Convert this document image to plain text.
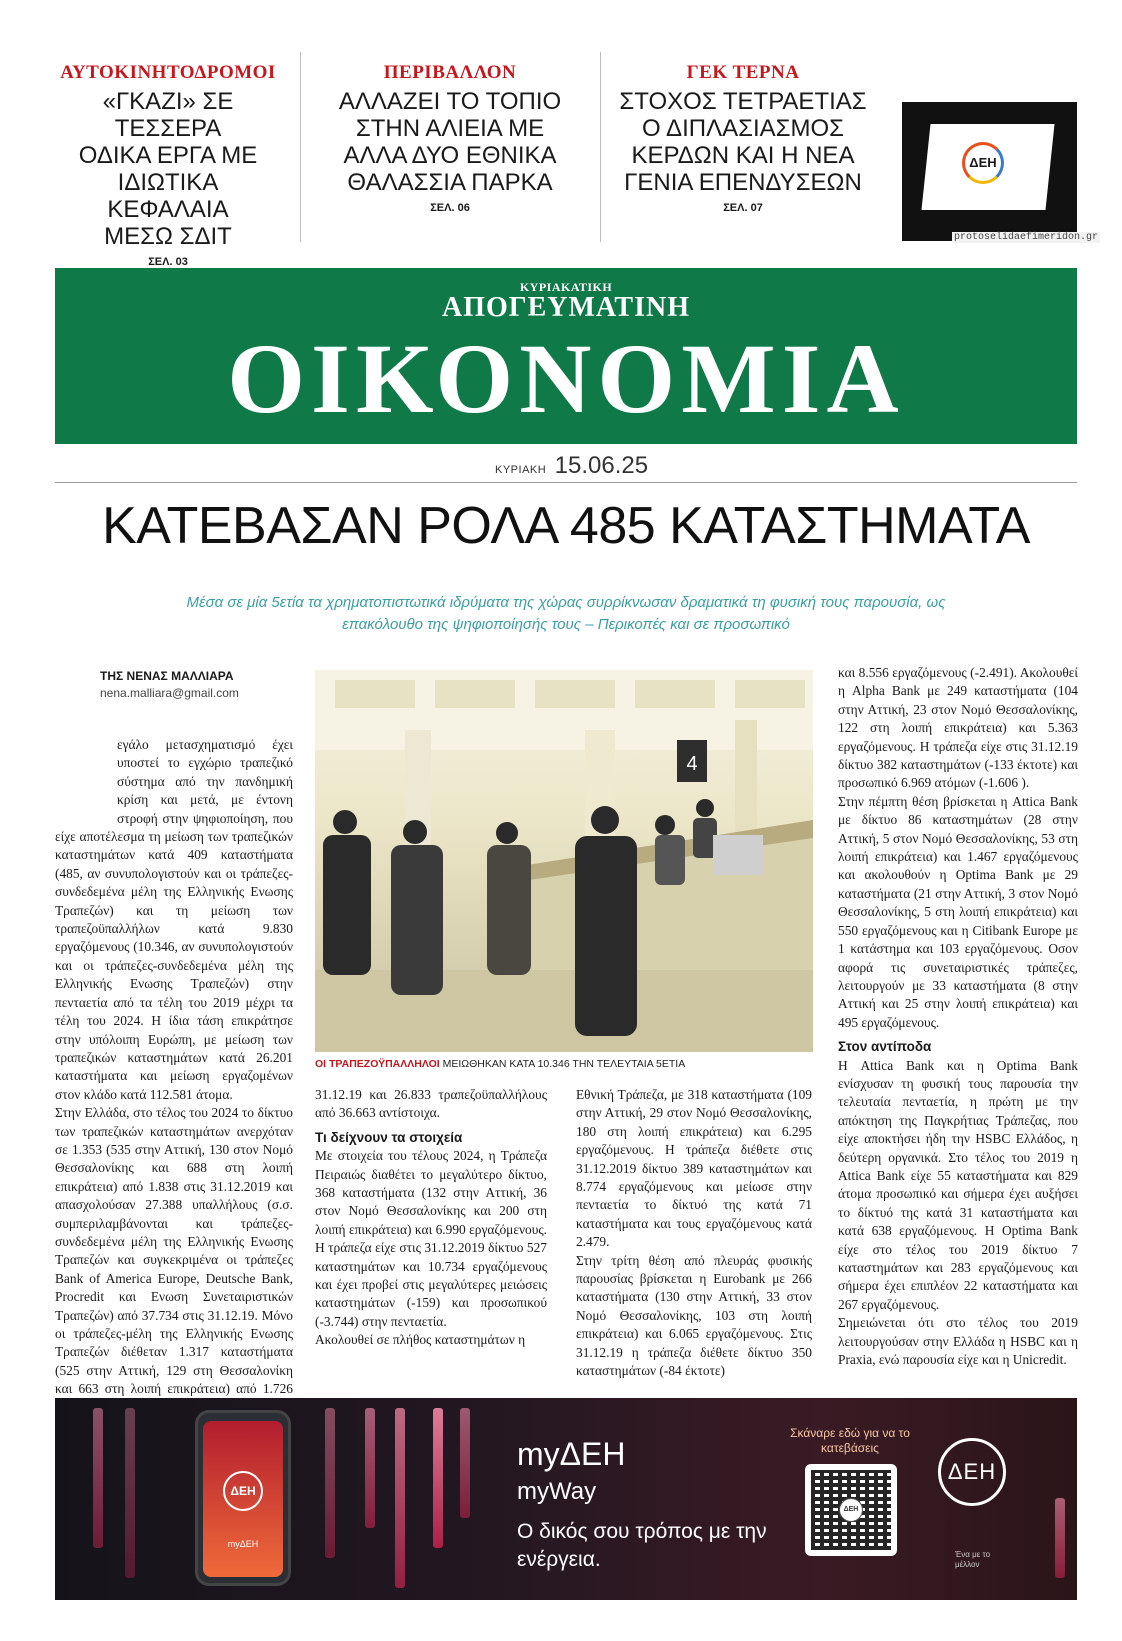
ΑΥΤΟΚΙΝΗΤΟΔΡΟΜΟΙ
«ΓΚΑΖΙ» ΣΕ ΤΕΣΣΕΡΑ
ΟΔΙΚΑ ΕΡΓΑ ΜΕ
ΙΔΙΩΤΙΚΑ ΚΕΦΑΛΑΙΑ
ΜΕΣΩ ΣΔΙΤ
ΣΕΛ. 03
ΠΕΡΙΒΑΛΛΟΝ
ΑΛΛΑΖΕΙ ΤΟ ΤΟΠΙΟ
ΣΤΗΝ ΑΛΙΕΙΑ ΜΕ
ΑΛΛΑ ΔΥΟ ΕΘΝΙΚΑ
ΘΑΛΑΣΣΙΑ ΠΑΡΚΑ
ΣΕΛ. 06
ΓΕΚ ΤΕΡΝΑ
ΣΤΟΧΟΣ ΤΕΤΡΑΕΤΙΑΣ
Ο ΔΙΠΛΑΣΙΑΣΜΟΣ
ΚΕΡΔΩΝ ΚΑΙ Η ΝΕΑ
ΓΕΝΙΑ ΕΠΕΝΔΥΣΕΩΝ
ΣΕΛ. 07
ΔΕΗ
protoselidaefimeridon.gr
ΚΥΡΙΑΚΑΤΙΚΗ
ΑΠΟΓΕΥΜΑΤΙΝΗ
ΟΙΚΟΝΟΜΙΑ
ΚΥΡΙΑΚΗ 15.06.25
ΚΑΤΕΒΑΣΑΝ ΡΟΛΑ 485 ΚΑΤΑΣΤΗΜΑΤΑ
Μέσα σε μία 5ετία τα χρηματοπιστωτικά ιδρύματα της χώρας συρρίκνωσαν δραματικά τη φυσική τους παρουσία, ως επακόλουθο της ψηφιοποίησής τους – Περικοπές και σε προσωπικό
ΤΗΣ ΝΕΝΑΣ ΜΑΛΛΙΑΡΑ
nena.malliara@gmail.com

εγάλο μετασχηματισμό έχει υποστεί το εγχώριο τραπεζικό σύστημα από την πανδημική κρίση και μετά, με έντονη στροφή στην ψηφιοποίηση, που είχε αποτέλεσμα τη μείωση των τραπεζικών καταστημάτων κατά 409 καταστήματα (485, αν συνυπολογιστούν και οι τράπεζες-συνδεδεμένα μέλη της Ελληνικής Ενωσης Τραπεζών) και τη μείωση των τραπεζοϋπαλλήλων κατά 9.830 εργαζόμενους (10.346, αν συνυπολογιστούν και οι τράπεζες-συνδεδεμένα μέλη της Ελληνικής Ενωσης Τραπεζών) στην πενταετία από τα τέλη του 2019 μέχρι τα τέλη του 2024. Η ίδια τάση επικράτησε στην υπόλοιπη Ευρώπη, με μείωση των τραπεζικών καταστημάτων κατά 26.201 καταστήματα και μείωση εργαζομένων στον κλάδο κατά 112.581 άτομα.

Στην Ελλάδα, στο τέλος του 2024 το δίκτυο των τραπεζικών καταστημάτων ανερχόταν σε 1.353 (535 στην Αττική, 130 στον Νομό Θεσσαλονίκης και 688 στη λοιπή επικράτεια) από 1.838 στις 31.12.2019 και απασχολούσαν 27.388 υπαλλήλους (σ.σ. συμπεριλαμβάνονται και τράπεζες-συνδεδεμένα μέλη της Ελληνικής Ενωσης Τραπεζών και συγκεκριμένα οι τράπεζες Bank of America Europe, Deutsche Bank, Procredit και Ενωση Συνεταιριστικών Τραπεζών) από 37.734 στις 31.12.19. Μόνο οι τράπεζες-μέλη της Ελληνικής Ενωσης Τραπεζών διέθεταν 1.317 καταστήματα (525 στην Αττική, 129 στη Θεσσαλονίκη και 663 στη λοιπή επικράτεια) από 1.726

4
ΟΙ ΤΡΑΠΕΖΟΫΠΑΛΛΗΛΟΙ ΜΕΙΩΘΗΚΑΝ ΚΑΤΑ 10.346 ΤΗΝ ΤΕΛΕΥΤΑΙΑ 5ΕΤΙΑ

31.12.19 και 26.833 τραπεζοϋπαλλήλους από 36.663 αντίστοιχα.

Τι δείχνουν τα στοιχεία

Με στοιχεία του τέλους 2024, η Τράπεζα Πειραιώς διαθέτει το μεγαλύτερο δίκτυο, 368 καταστήματα (132 στην Αττική, 36 στον Νομό Θεσσαλονίκης και 200 στη λοιπή επικράτεια) και 6.990 εργαζόμενους. Η τράπεζα είχε στις 31.12.2019 δίκτυο 527 καταστημάτων και 10.734 εργαζόμενους και έχει προβεί στις μεγαλύτερες μειώσεις καταστημάτων (-159) και προσωπικού (-3.744) στην πενταετία.

Ακολουθεί σε πλήθος καταστημάτων η

Εθνική Τράπεζα, με 318 καταστήματα (109 στην Αττική, 29 στον Νομό Θεσσαλονίκης, 180 στη λοιπή επικράτεια) και 6.295 εργαζόμενους. Η τράπεζα διέθετε στις 31.12.2019 δίκτυο 389 καταστημάτων και 8.774 εργαζόμενους και μείωσε στην πενταετία το δίκτυό της κατά 71 καταστήματα και τους εργαζόμενους κατά 2.479.

Στην τρίτη θέση από πλευράς φυσικής παρουσίας βρίσκεται η Eurobank με 266 καταστήματα (130 στην Αττική, 33 στον Νομό Θεσσαλονίκης, 103 στη λοιπή επικράτεια) και 6.065 εργαζόμενους. Στις 31.12.19 η τράπεζα διέθετε δίκτυο 350 καταστημάτων (-84 έκτοτε)

και 8.556 εργαζόμενους (-2.491). Ακολουθεί η Alpha Bank με 249 καταστήματα (104 στην Αττική, 23 στον Νομό Θεσσαλονίκης, 122 στη λοιπή επικράτεια) και 5.363 εργαζόμενους. Η τράπεζα είχε στις 31.12.19 δίκτυο 382 καταστημάτων (-133 έκτοτε) και προσωπικό 6.969 ατόμων (-1.606 ).

Στην πέμπτη θέση βρίσκεται η Attica Bank με δίκτυο 86 καταστημάτων (28 στην Αττική, 5 στον Νομό Θεσσαλονίκης, 53 στη λοιπή επικράτεια) και 1.467 εργαζόμενους και ακολουθούν η Optima Bank με 29 καταστήματα (21 στην Αττική, 3 στον Νομό Θεσσαλονίκης, 5 στη λοιπή επικράτεια) και 550 εργαζόμενους και η Citibank Europe με 1 κατάστημα και 103 εργαζόμενους. Οσον αφορά τις συνεταιριστικές τράπεζες, λειτουργούν με 33 καταστήματα (8 στην Αττική και 25 στην λοιπή επικράτεια) και 495 εργαζόμενους.

Στον αντίποδα

Η Attica Bank και η Optima Bank ενίσχυσαν τη φυσική τους παρουσία την τελευταία πενταετία, η πρώτη με την απόκτηση της Παγκρήτιας Τράπεζας, που είχε αποκτήσει ήδη την HSBC Ελλάδος, η δεύτερη οργανικά. Στο τέλος του 2019 η Attica Bank είχε 55 καταστήματα και 829 άτομα προσωπικό και σήμερα έχει αυξήσει το δίκτυό της κατά 31 καταστήματα και κατά 638 εργαζόμενους. Η Optima Bank είχε στο τέλος του 2019 δίκτυο 7 καταστημάτων και 283 εργαζόμενους και σήμερα έχει επιπλέον 22 καταστήματα και 267 εργαζόμενους.

Σημειώνεται ότι στο τέλος του 2019 λειτουργούσαν στην Ελλάδα η HSBC και η Praxia, ενώ παρουσία είχε και η Unicredit.

ΔΕΗ
myΔΕΗ
myΔΕΗ
myWay
Ο δικός σου τρόπος με την ενέργεια.
Σκάναρε εδώ για να το κατεβάσεις
ΔΕΗ
ΔΕΗ
Ένα με το μέλλον
